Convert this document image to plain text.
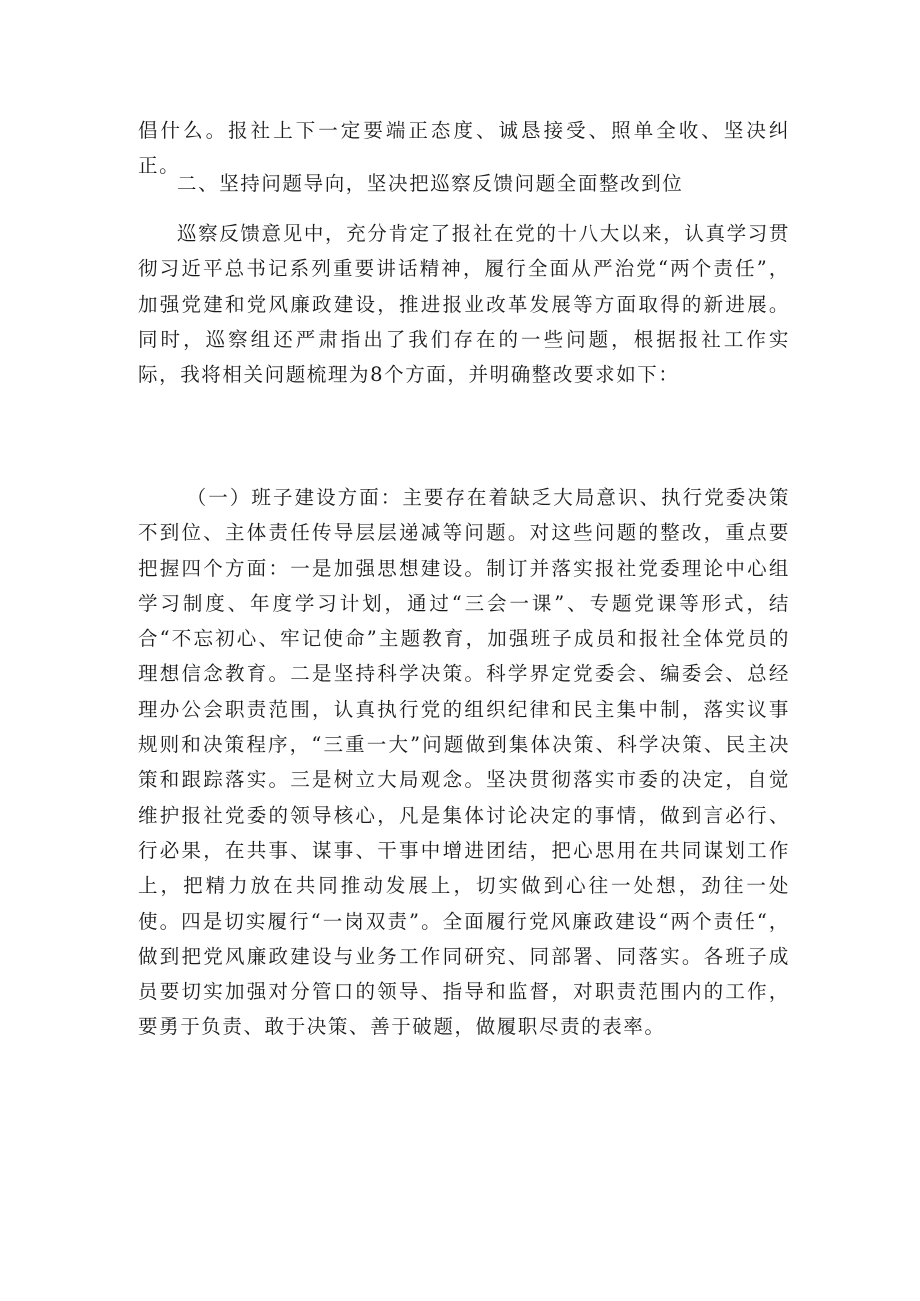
倡什么。报社上下一定要端正态度、诚恳接受、照单全收、坚决纠正。

二、坚持问题导向，坚决把巡察反馈问题全面整改到位

巡察反馈意见中，充分肯定了报社在党的十八大以来，认真学习贯彻习近平总书记系列重要讲话精神，履行全面从严治党“两个责任”，加强党建和党风廉政建设，推进报业改革发展等方面取得的新进展。同时，巡察组还严肃指出了我们存在的一些问题，根据报社工作实际，我将相关问题梳理为8个方面，并明确整改要求如下：

（一）班子建设方面：主要存在着缺乏大局意识、执行党委决策不到位、主体责任传导层层递减等问题。对这些问题的整改，重点要把握四个方面：一是加强思想建设。制订并落实报社党委理论中心组学习制度、年度学习计划，通过“三会一课”、专题党课等形式，结合“不忘初心、牢记使命”主题教育，加强班子成员和报社全体党员的理想信念教育。二是坚持科学决策。科学界定党委会、编委会、总经理办公会职责范围，认真执行党的组织纪律和民主集中制，落实议事规则和决策程序，“三重一大”问题做到集体决策、科学决策、民主决策和跟踪落实。三是树立大局观念。坚决贯彻落实市委的决定，自觉维护报社党委的领导核心，凡是集体讨论决定的事情，做到言必行、行必果，在共事、谋事、干事中增进团结，把心思用在共同谋划工作上，把精力放在共同推动发展上，切实做到心往一处想，劲往一处使。四是切实履行“一岗双责”。全面履行党风廉政建设“两个责任“，做到把党风廉政建设与业务工作同研究、同部署、同落实。各班子成员要切实加强对分管口的领导、指导和监督，对职责范围内的工作，要勇于负责、敢于决策、善于破题，做履职尽责的表率。
